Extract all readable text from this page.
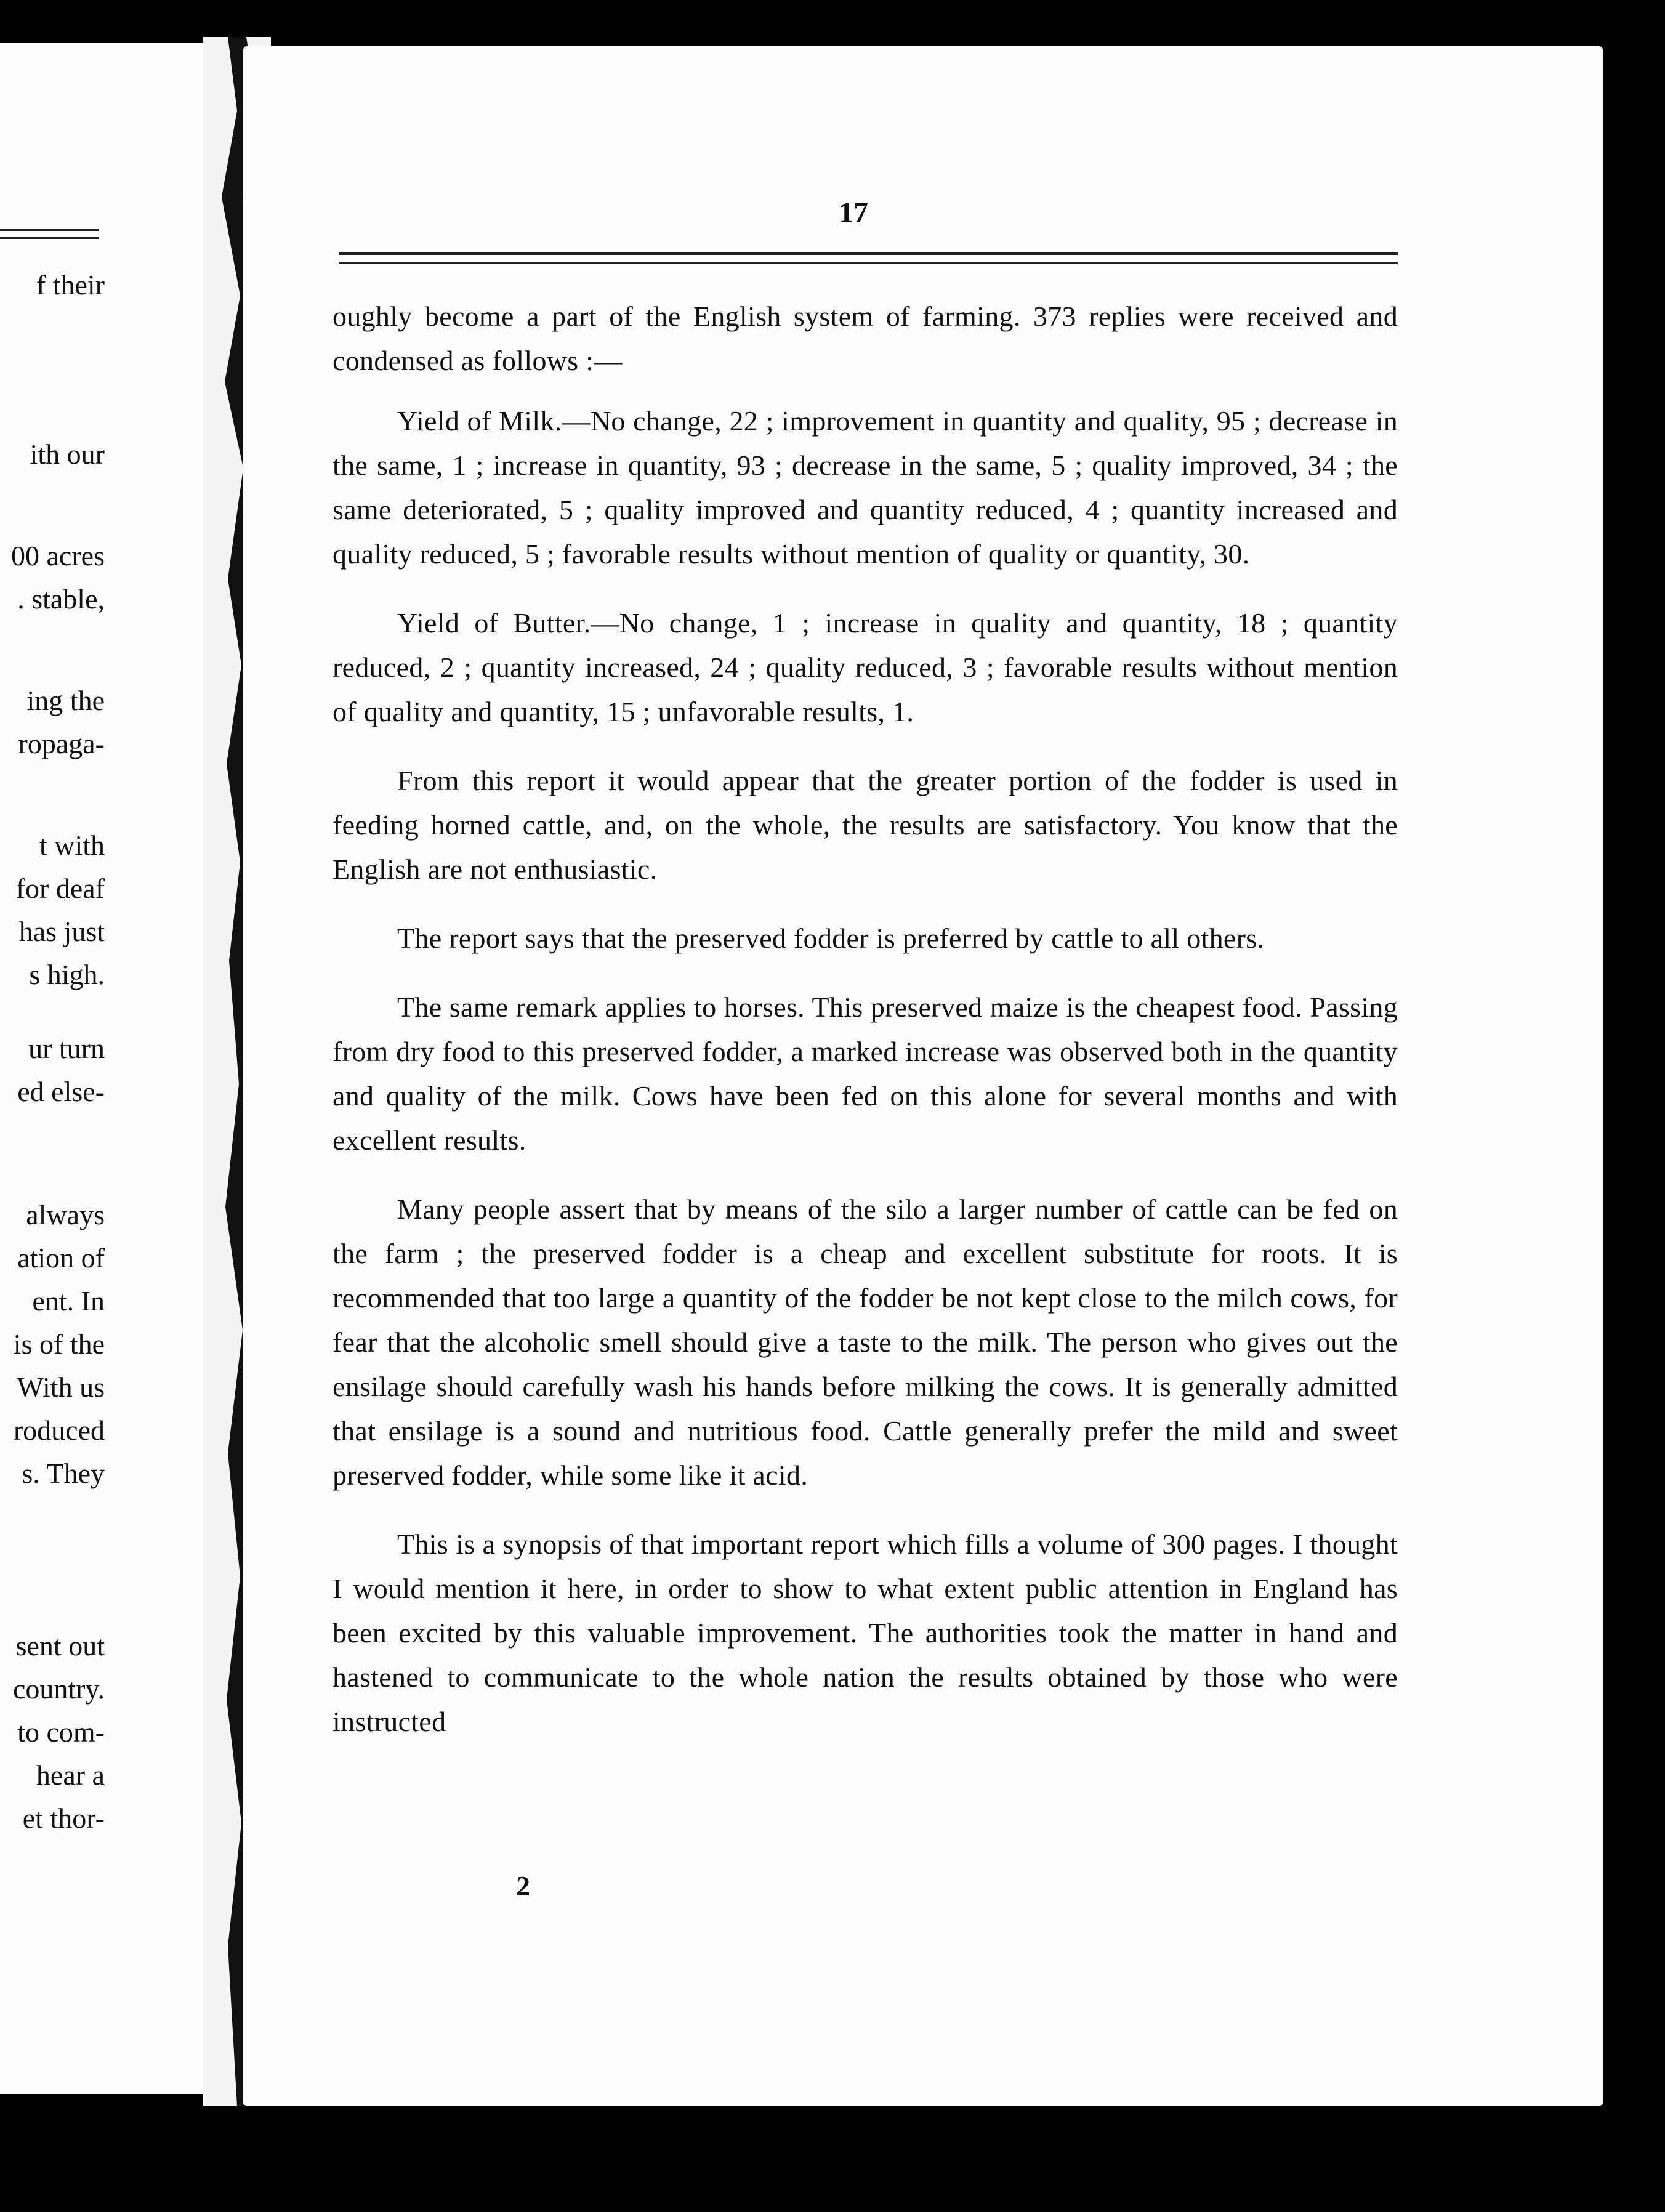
f their
ith our
00 acres
. stable,
ing the
ropaga-
t with
for deaf
has just
s high.
ur turn
ed else-
always
ation of
ent. In
is of the
With us
roduced
s. They
sent out
country.
to com-
hear a
et thor-
17

oughly become a part of the English system of farming. 373 replies were received and condensed as follows :—

Yield of Milk.—No change, 22 ; improvement in quantity and quality, 95 ; decrease in the same, 1 ; increase in quantity, 93 ; decrease in the same, 5 ; quality improved, 34 ; the same deteriorated, 5 ; quality improved and quantity reduced, 4 ; quantity increased and quality reduced, 5 ; favorable results without mention of quality or quantity, 30.

Yield of Butter.—No change, 1 ; increase in quality and quantity, 18 ; quantity reduced, 2 ; quantity increased, 24 ; quality reduced, 3 ; favorable results without mention of quality and quantity, 15 ; unfavorable results, 1.

From this report it would appear that the greater portion of the fodder is used in feeding horned cattle, and, on the whole, the results are satisfactory. You know that the English are not enthusiastic.

The report says that the preserved fodder is preferred by cattle to all others.

The same remark applies to horses. This preserved maize is the cheapest food. Passing from dry food to this preserved fodder, a marked increase was observed both in the quantity and quality of the milk. Cows have been fed on this alone for several months and with excellent results.

Many people assert that by means of the silo a larger number of cattle can be fed on the farm ; the preserved fodder is a cheap and excellent substitute for roots. It is recommended that too large a quantity of the fodder be not kept close to the milch cows, for fear that the alcoholic smell should give a taste to the milk. The person who gives out the ensilage should carefully wash his hands before milking the cows. It is generally admitted that ensilage is a sound and nutritious food. Cattle generally prefer the mild and sweet preserved fodder, while some like it acid.

This is a synopsis of that important report which fills a volume of 300 pages. I thought I would mention it here, in order to show to what extent public attention in England has been excited by this valuable improvement. The authorities took the matter in hand and hastened to communicate to the whole nation the results obtained by those who were instructed

2
